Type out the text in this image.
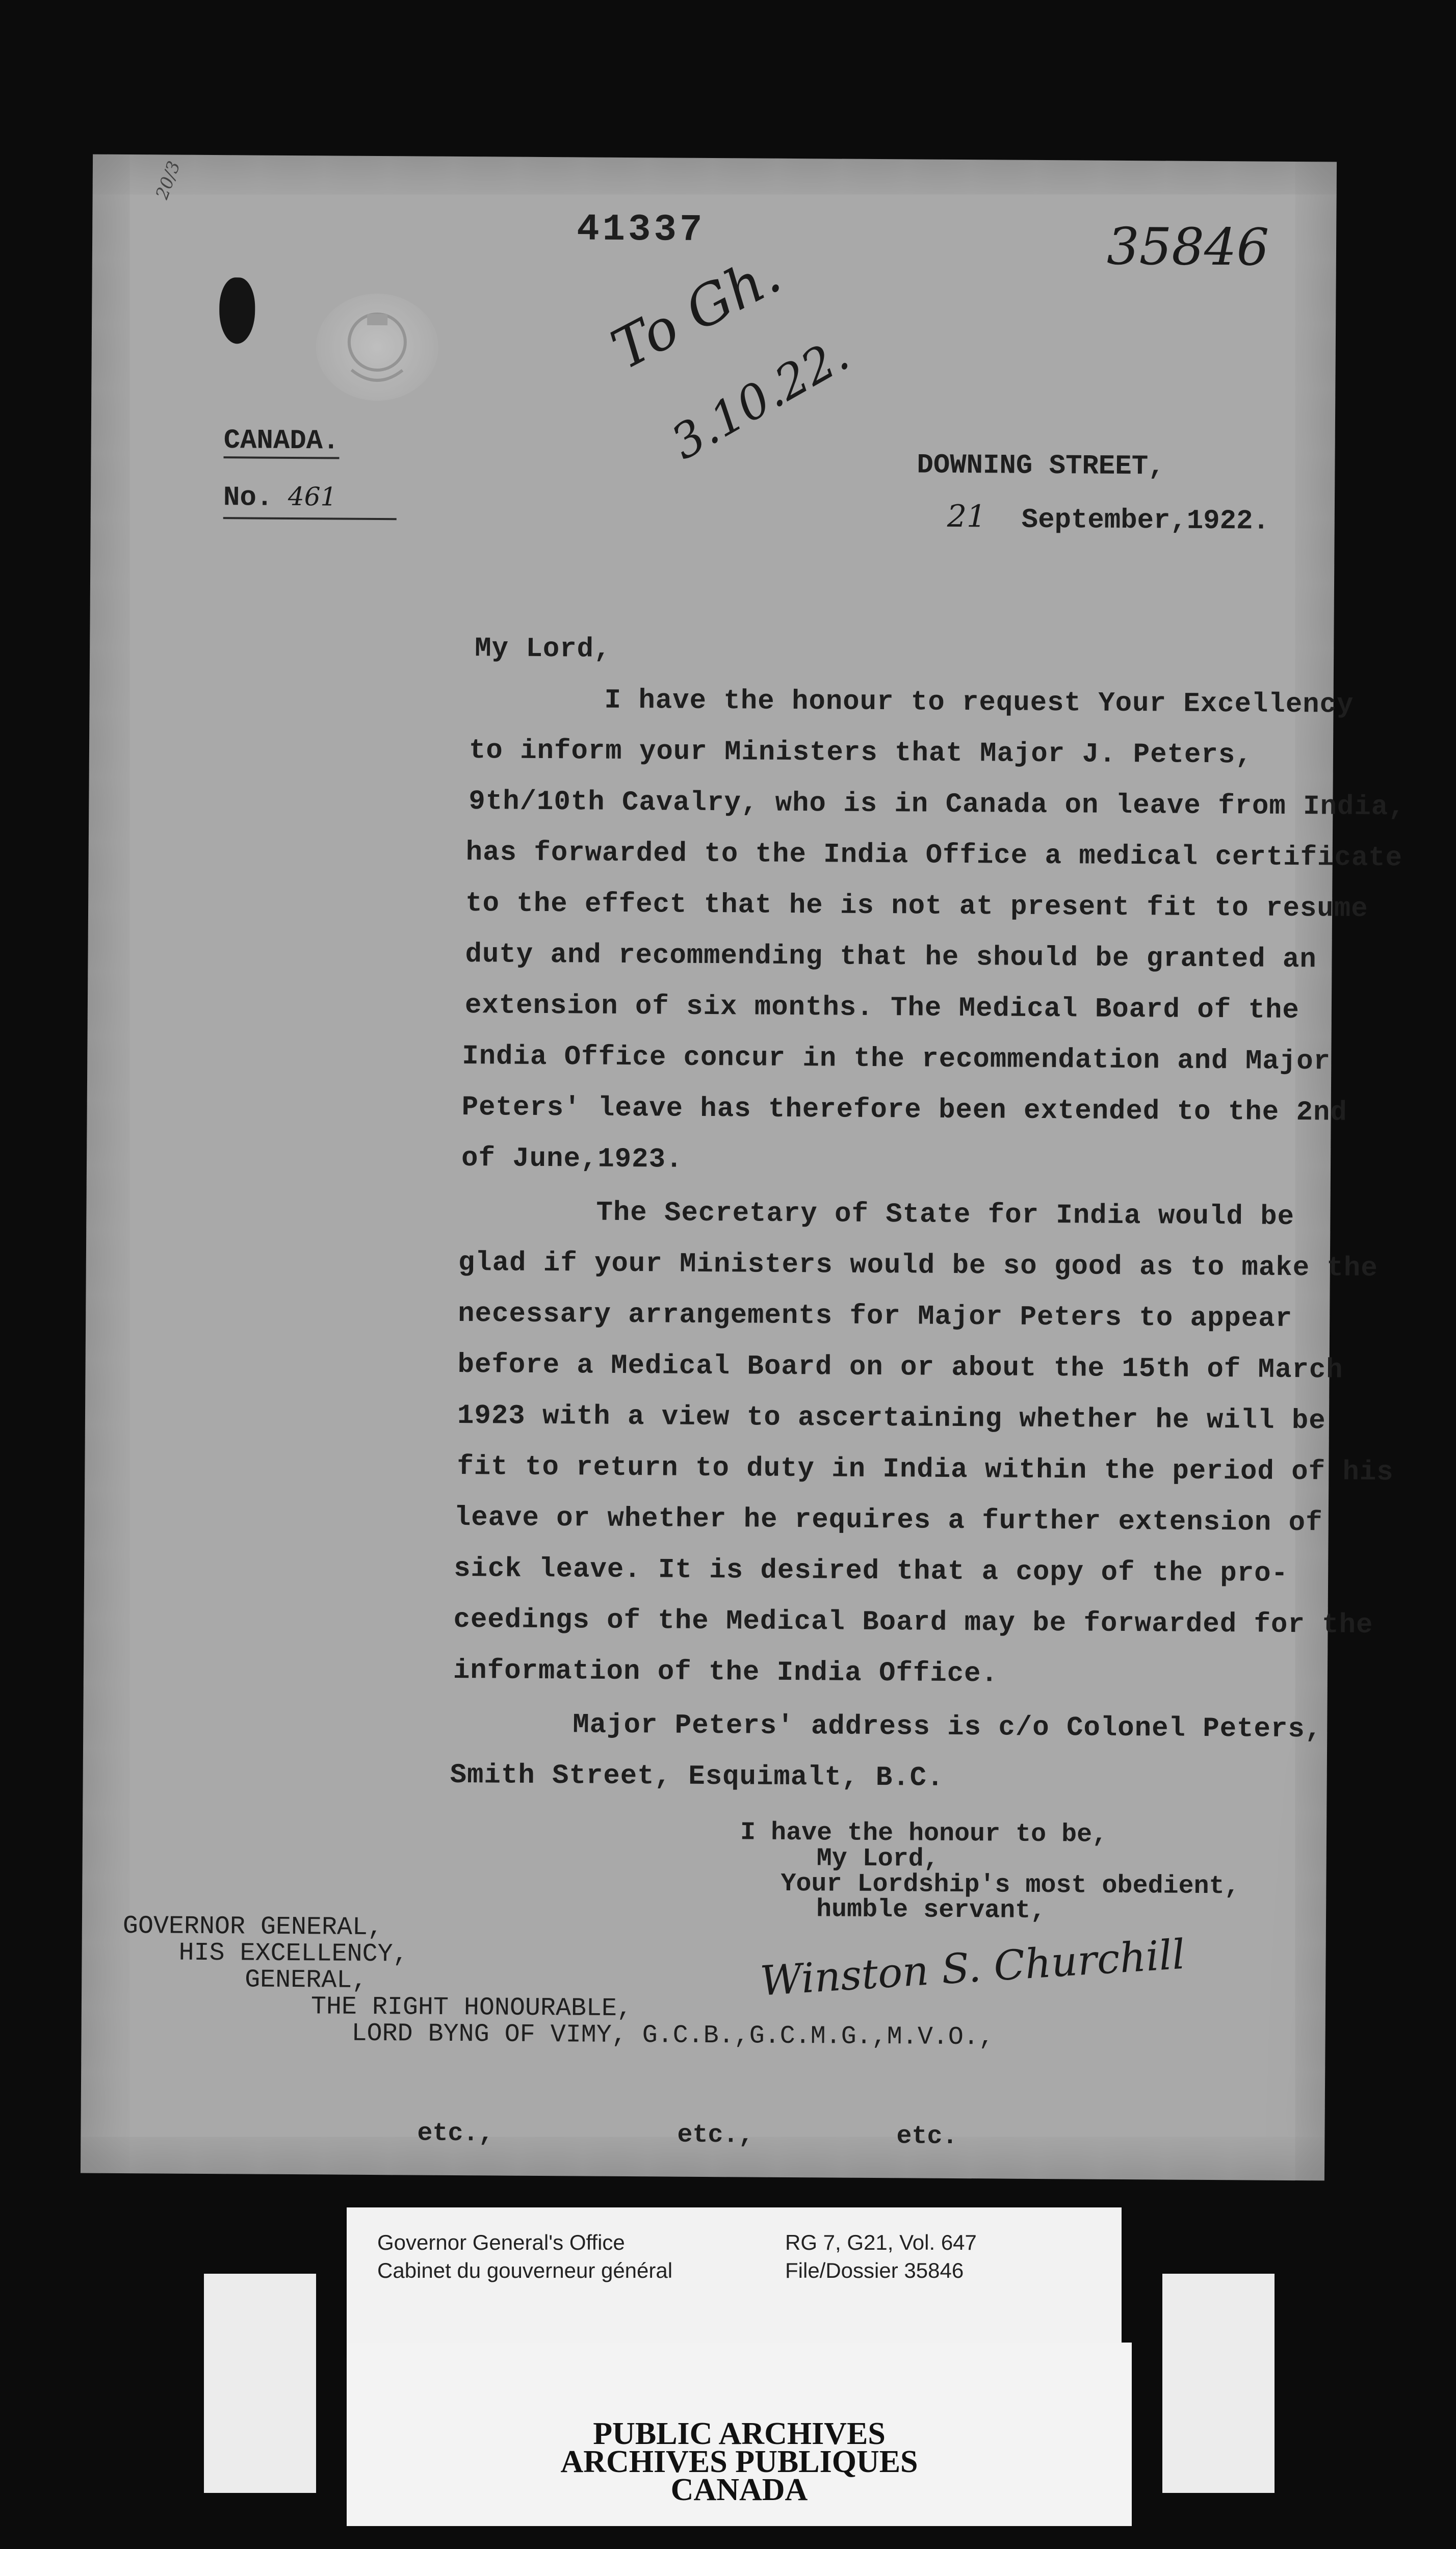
20/3
41337	35846
To Gh.
3.10.22.
CANADA.
No. 461
DOWNING STREET,
21 September,1922.
My Lord,
I have the honour to request Your Excellency
to inform your Ministers that Major J. Peters,
9th/10th Cavalry, who is in Canada on leave from India,
has forwarded to the India Office a medical certificate
to the effect that he is not at present fit to resume
duty and recommending that he should be granted an
extension of six months. The Medical Board of the
India Office concur in the recommendation and Major
Peters' leave has therefore been extended to the 2nd
of June,1923.
The Secretary of State for India would be
glad if your Ministers would be so good as to make the
necessary arrangements for Major Peters to appear
before a Medical Board on or about the 15th of March
1923 with a view to ascertaining whether he will be
fit to return to duty in India within the period of his
leave or whether he requires a further extension of
sick leave. It is desired that a copy of the pro-
ceedings of the Medical Board may be forwarded for the
information of the India Office.
Major Peters' address is c/o Colonel Peters,
Smith Street, Esquimalt, B.C.
I have the honour to be,
My Lord,
Your Lordship's most obedient,
humble servant,
Winston S. Churchill
GOVERNOR GENERAL,
HIS EXCELLENCY,
GENERAL,
THE RIGHT HONOURABLE,
LORD BYNG OF VIMY, G.C.B.,G.C.M.G.,M.V.O.,
etc.,	etc.,	etc.
Governor General's Office
Cabinet du gouverneur général
RG 7, G21, Vol. 647
File/Dossier 35846
PUBLIC ARCHIVES
ARCHIVES PUBLIQUES
CANADA
